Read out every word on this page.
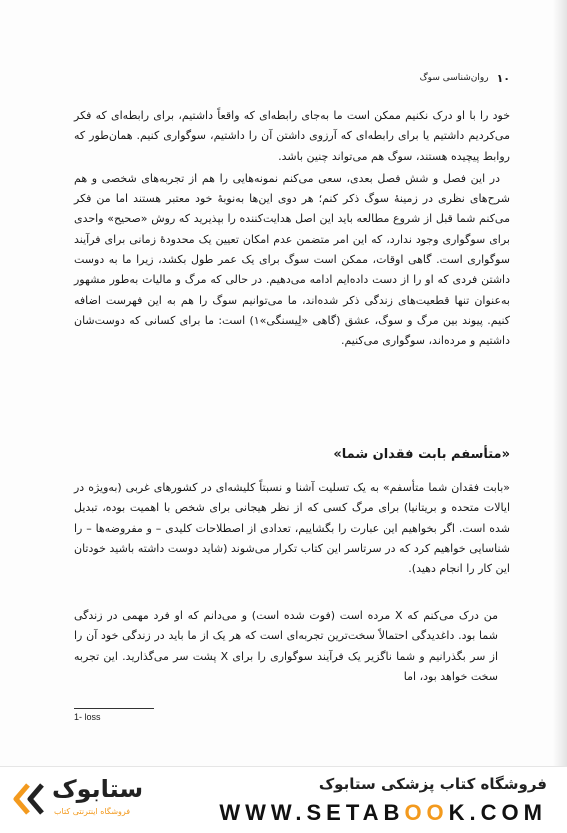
۱۰
روان‌شناسی سوگ

خود را با او درک نکنیم ممکن است ما به‌جای رابطه‌ای که واقعاً داشتیم، برای رابطه‌ای که فکر می‌کردیم داشتیم یا برای رابطه‌ای که آرزوی داشتن آن را داشتیم، سوگواری کنیم. همان‌طور که روابط پیچیده هستند، سوگ هم می‌تواند چنین باشد.

در این فصل و شش فصل بعدی، سعی می‌کنم نمونه‌هایی را هم از تجربه‌های شخصی و هم شرح‌های نظری در زمینهٔ سوگ ذکر کنم؛ هر دوی این‌ها به‌نوبهٔ خود معتبر هستند اما من فکر می‌کنم شما قبل از شروع مطالعه باید این اصل هدایت‌کننده را بپذیرید که روش «صحیح» واحدی برای سوگواری وجود ندارد، که این امر متضمن عدم امکان تعیین یک محدودهٔ زمانی برای فرآیند سوگواری است. گاهی اوقات، ممکن است سوگ برای یک عمر طول بکشد، زیرا ما به دوست داشتن فردی که او را از دست داده‌ایم ادامه می‌دهیم. در حالی که مرگ و مالیات به‌طور مشهور به‌عنوان تنها قطعیت‌های زندگی ذکر شده‌اند، ما می‌توانیم سوگ را هم به این فهرست اضافه کنیم. پیوند بین مرگ و سوگ، عشق (گاهی «لِیسنگی»۱) است: ما برای کسانی که دوست‌شان داشتیم و مرده‌اند، سوگواری می‌کنیم.

«متأسفم بابت فقدان شما»
«بابت فقدان شما متأسفم» به یک تسلیت آشنا و نسبتاً کلیشه‌ای در کشورهای غربی (به‌ویژه در ایالات متحده و بریتانیا) برای مرگ کسی که از نظر هیجانی برای شخص با اهمیت بوده، تبدیل شده است. اگر بخواهیم این عبارت را بگشاییم، تعدادی از اصطلاحات کلیدی – و مفروضه‌ها – را شناسایی خواهیم کرد که در سرتاسر این کتاب تکرار می‌شوند (شاید دوست داشته باشید خودتان این کار را انجام دهید).
من درک می‌کنم که X مرده است (فوت شده است) و می‌دانم که او فرد مهمی در زندگی شما بود. داغدیدگی احتمالاً سخت‌ترین تجربه‌ای است که هر یک از ما باید در زندگی خود آن را از سر بگذرانیم و شما ناگزیر یک فرآیند سوگواری را برای X پشت سر می‌گذارید. این تجربه سخت خواهد بود، اما
1- loss
ستابوک
فروشگاه اینترنتی کتاب
فروشگاه کتاب پزشکی ستابوک
WWW.SETABOOK.COM
